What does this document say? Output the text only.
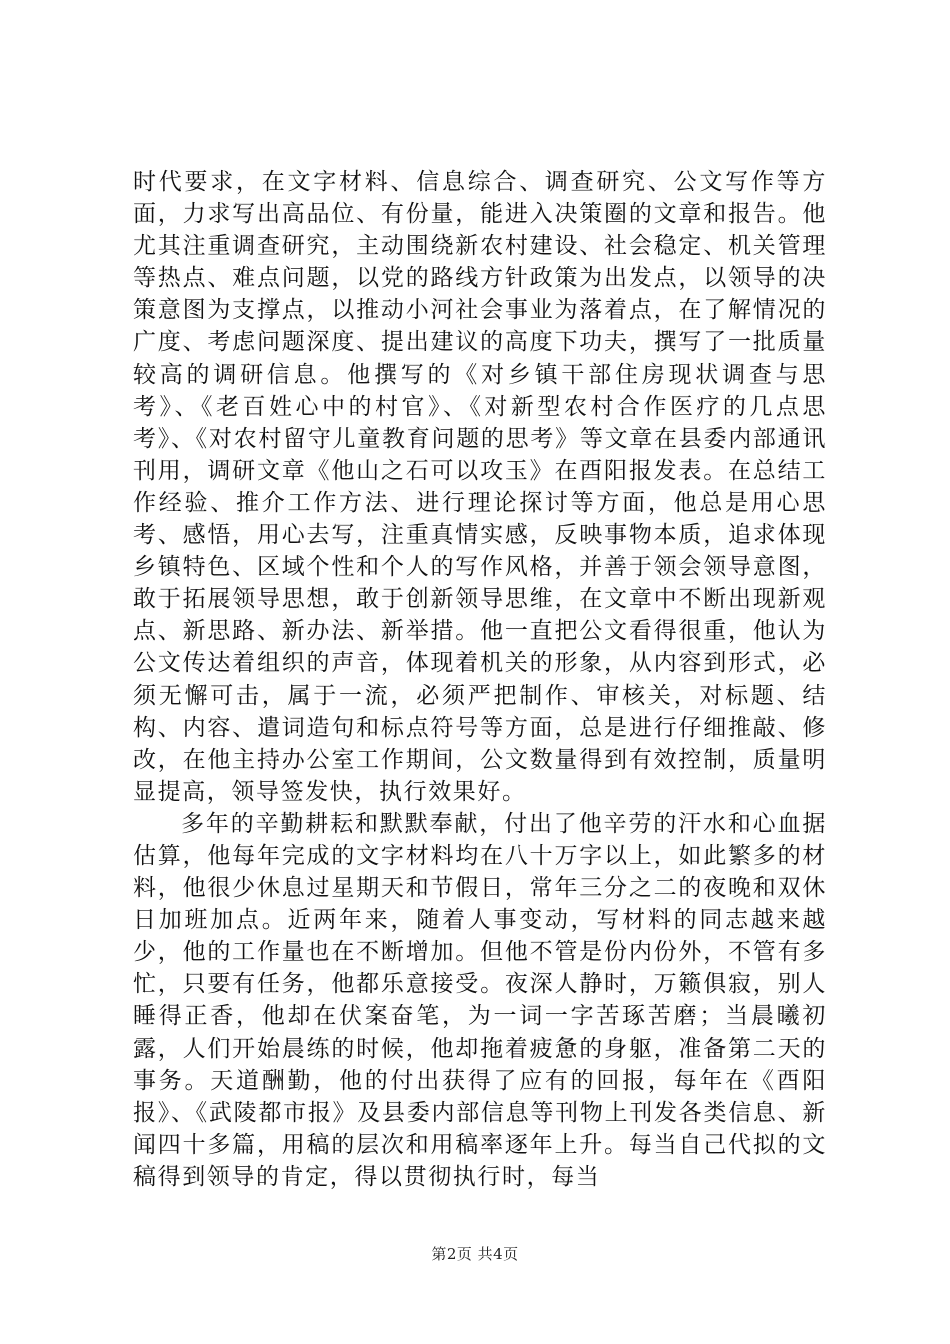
时代要求，在文字材料、信息综合、调查研究、公文写作等方面，力求写出高品位、有份量，能进入决策圈的文章和报告。他尤其注重调查研究，主动围绕新农村建设、社会稳定、机关管理等热点、难点问题，以党的路线方针政策为出发点，以领导的决策意图为支撑点，以推动小河社会事业为落着点，在了解情况的广度、考虑问题深度、提出建议的高度下功夫，撰写了一批质量较高的调研信息。他撰写的《对乡镇干部住房现状调查与思考》、《老百姓心中的村官》、《对新型农村合作医疗的几点思考》、《对农村留守儿童教育问题的思考》等文章在县委内部通讯刊用，调研文章《他山之石可以攻玉》在酉阳报发表。在总结工作经验、推介工作方法、进行理论探讨等方面，他总是用心思考、感悟，用心去写，注重真情实感，反映事物本质，追求体现乡镇特色、区域个性和个人的写作风格，并善于领会领导意图，敢于拓展领导思想，敢于创新领导思维，在文章中不断出现新观点、新思路、新办法、新举措。他一直把公文看得很重，他认为公文传达着组织的声音，体现着机关的形象，从内容到形式，必须无懈可击，属于一流，必须严把制作、审核关，对标题、结构、内容、遣词造句和标点符号等方面，总是进行仔细推敲、修改，在他主持办公室工作期间，公文数量得到有效控制，质量明显提高，领导签发快，执行效果好。

多年的辛勤耕耘和默默奉献，付出了他辛劳的汗水和心血据估算，他每年完成的文字材料均在八十万字以上，如此繁多的材料，他很少休息过星期天和节假日，常年三分之二的夜晚和双休日加班加点。近两年来，随着人事变动，写材料的同志越来越少，他的工作量也在不断增加。但他不管是份内份外，不管有多忙，只要有任务，他都乐意接受。夜深人静时，万籁俱寂，别人睡得正香，他却在伏案奋笔，为一词一字苦琢苦磨；当晨曦初露，人们开始晨练的时候，他却拖着疲惫的身躯，准备第二天的事务。天道酬勤，他的付出获得了应有的回报，每年在《酉阳报》、《武陵都市报》及县委内部信息等刊物上刊发各类信息、新闻四十多篇，用稿的层次和用稿率逐年上升。每当自己代拟的文稿得到领导的肯定，得以贯彻执行时，每当

第2页 共4页
